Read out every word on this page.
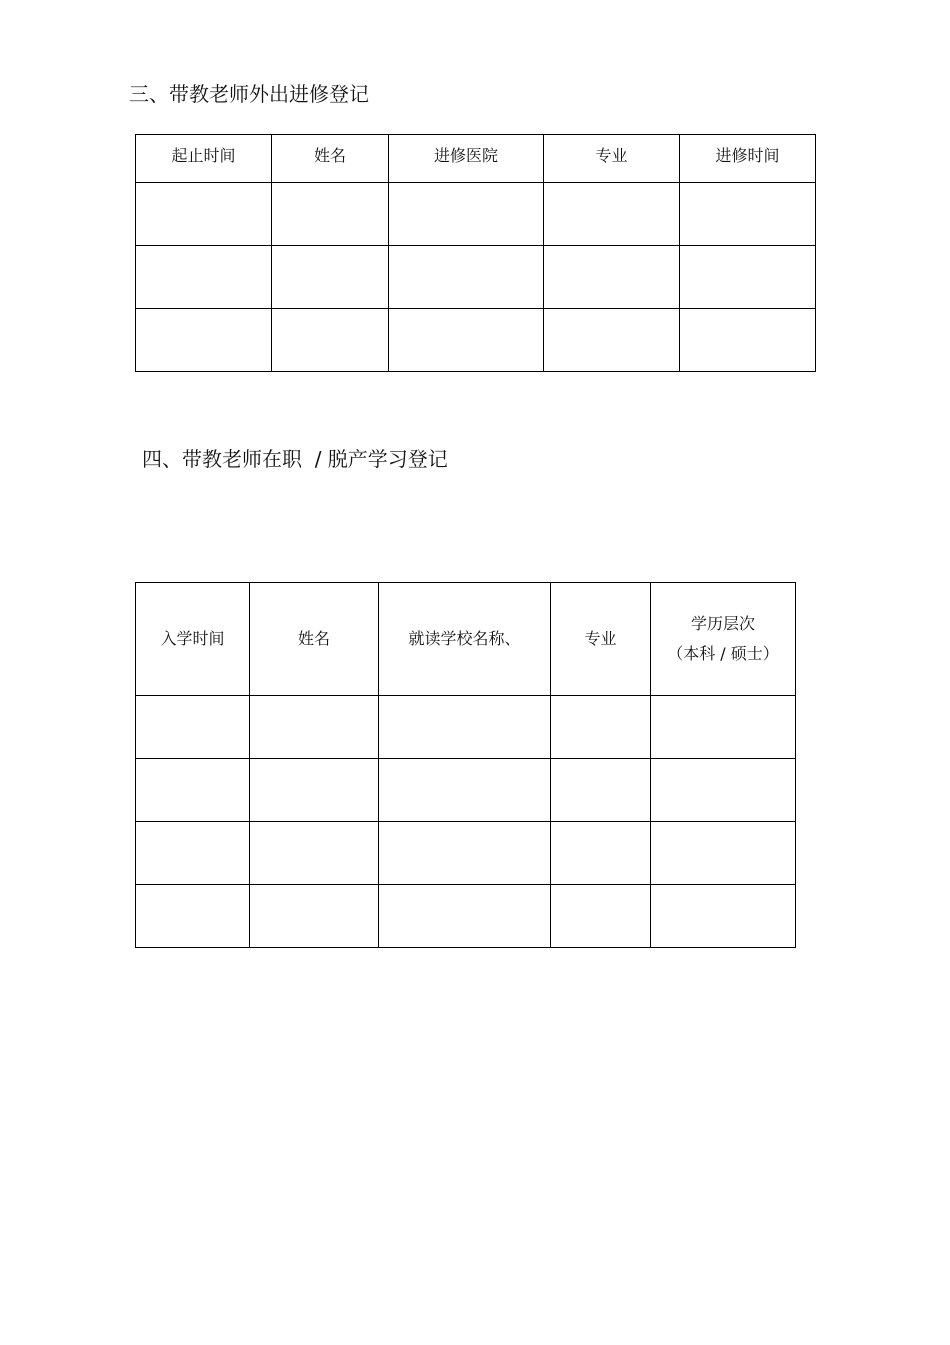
三、带教老师外出进修登记
起止时间	姓名	进修医院	专业	进修时间

四、带教老师在职  / 脱产学习登记
入学时间	姓名	就读学校名称、	专业	学历层次
（本科 / 硕士）
